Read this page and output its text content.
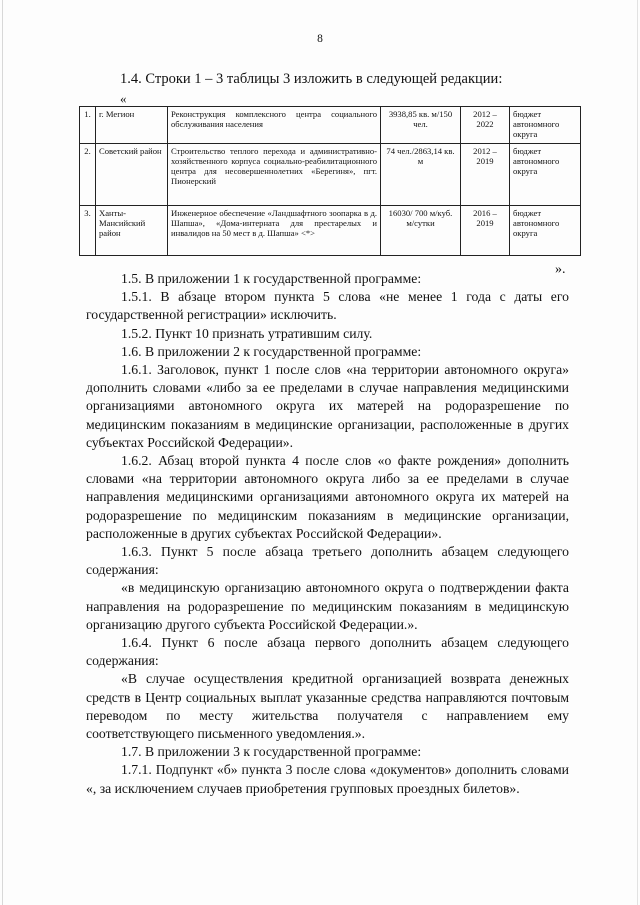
8
1.4. Строки 1 – 3 таблицы 3 изложить в следующей редакции:
«
1.	г. Мегион	Реконструкция комплексного центра социального обслуживания населения	3938,85 кв. м/150 чел.	2012 – 2022	бюджет автономного округа
2.	Советский район	Строительство теплого перехода и административно-хозяйственного корпуса социально-реабилитационного центра для несовершеннолетних «Берегиня», пгт. Пионерский	74 чел./2863,14 кв. м	2012 – 2019	бюджет автономного округа
3.	Ханты-Мансийский район	Инженерное обеспечение «Ландшафтного зоопарка в д. Шапша», «Дома-интерната для престарелых и инвалидов на 50 мест в д. Шапша» <*>	16030/ 700 м/куб. м/сутки	2016 – 2019	бюджет автономного округа
».

1.5. В приложении 1 к государственной программе:

1.5.1. В абзаце втором пункта 5 слова «не менее 1 года с даты его государственной регистрации» исключить.

1.5.2. Пункт 10 признать утратившим силу.

1.6. В приложении 2 к государственной программе:

1.6.1. Заголовок, пункт 1 после слов «на территории автономного округа» дополнить словами «либо за ее пределами в случае направления медицинскими организациями автономного округа их матерей на родоразрешение по медицинским показаниям в медицинские организации, расположенные в других субъектах Российской Федерации».

1.6.2. Абзац второй пункта 4 после слов «о факте рождения» дополнить словами «на территории автономного округа либо за ее пределами в случае направления медицинскими организациями автономного округа их матерей на родоразрешение по медицинским показаниям в медицинские организации, расположенные в других субъектах Российской Федерации».

1.6.3. Пункт 5 после абзаца третьего дополнить абзацем следующего содержания:

«в медицинскую организацию автономного округа о подтверждении факта направления на родоразрешение по медицинским показаниям в медицинскую организацию другого субъекта Российской Федерации.».

1.6.4. Пункт 6 после абзаца первого дополнить абзацем следующего содержания:

«В случае осуществления кредитной организацией возврата денежных средств в Центр социальных выплат указанные средства направляются почтовым переводом по месту жительства получателя с направлением ему соответствующего письменного уведомления.».

1.7. В приложении 3 к государственной программе:

1.7.1. Подпункт «б» пункта 3 после слова «документов» дополнить словами «, за исключением случаев приобретения групповых проездных билетов».
